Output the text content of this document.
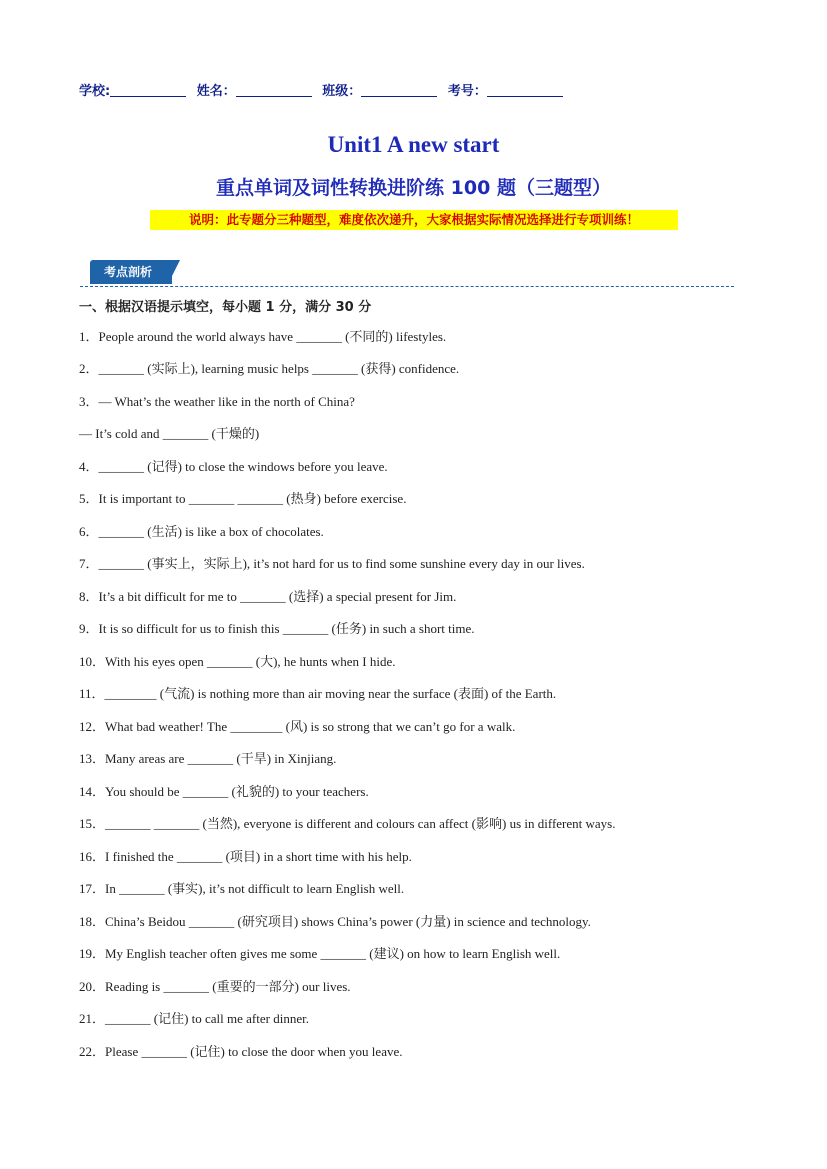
学校:	姓名：	班级：	考号：
Unit1 A new start
重点单词及词性转换进阶练 100 题（三题型）
说明：此专题分三种题型，难度依次递升，大家根据实际情况选择进行专项训练！
考点剖析
一、根据汉语提示填空，每小题 1 分，满分 30 分
1．People around the world always have _______ (不同的) lifestyles.
2．_______ (实际上), learning music helps _______ (获得) confidence.
3．— What’s the weather like in the north of China?
— It’s cold and _______ (干燥的)
4．_______ (记得) to close the windows before you leave.
5．It is important to _______ _______ (热身) before exercise.
6．_______ (生活) is like a box of chocolates.
7．_______ (事实上，实际上), it’s not hard for us to find some sunshine every day in our lives.
8．It’s a bit difficult for me to _______ (选择) a special present for Jim.
9．It is so difficult for us to finish this _______ (任务) in such a short time.
10．With his eyes open _______ (大), he hunts when I hide.
11．________ (气流) is nothing more than air moving near the surface (表面) of the Earth.
12．What bad weather! The ________ (风) is so strong that we can’t go for a walk.
13．Many areas are _______ (干旱) in Xinjiang.
14．You should be _______ (礼貌的) to your teachers.
15．_______ _______ (当然), everyone is different and colours can affect (影响) us in different ways.
16．I finished the _______ (项目) in a short time with his help.
17．In _______ (事实), it’s not difficult to learn English well.
18．China’s Beidou _______ (研究项目) shows China’s power (力量) in science and technology.
19．My English teacher often gives me some _______ (建议) on how to learn English well.
20．Reading is _______ (重要的一部分) our lives.
21．_______ (记住) to call me after dinner.
22．Please _______ (记住) to close the door when you leave.
